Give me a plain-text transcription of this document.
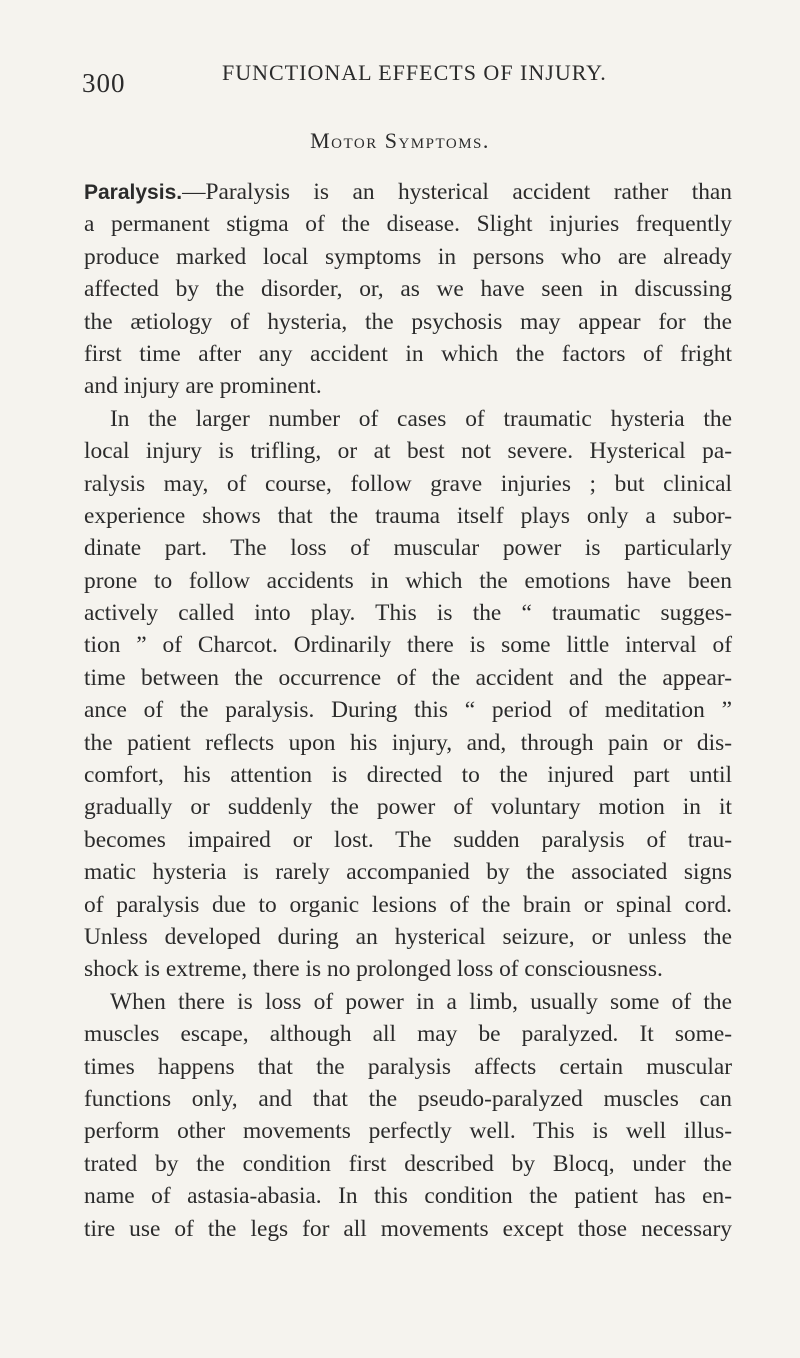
300	FUNCTIONAL EFFECTS OF INJURY.
Motor Symptoms.
Paralysis.—Paralysis is an hysterical accident rather than
a permanent stigma of the disease. Slight injuries frequently
produce marked local symptoms in persons who are already
affected by the disorder, or, as we have seen in discussing
the ætiology of hysteria, the psychosis may appear for the
first time after any accident in which the factors of fright
and injury are prominent.
In the larger number of cases of traumatic hysteria the
local injury is trifling, or at best not severe. Hysterical pa-
ralysis may, of course, follow grave injuries ; but clinical
experience shows that the trauma itself plays only a subor-
dinate part. The loss of muscular power is particularly
prone to follow accidents in which the emotions have been
actively called into play. This is the “ traumatic sugges-
tion ” of Charcot. Ordinarily there is some little interval of
time between the occurrence of the accident and the appear-
ance of the paralysis. During this “ period of meditation ”
the patient reflects upon his injury, and, through pain or dis-
comfort, his attention is directed to the injured part until
gradually or suddenly the power of voluntary motion in it
becomes impaired or lost. The sudden paralysis of trau-
matic hysteria is rarely accompanied by the associated signs
of paralysis due to organic lesions of the brain or spinal cord.
Unless developed during an hysterical seizure, or unless the
shock is extreme, there is no prolonged loss of consciousness.
When there is loss of power in a limb, usually some of the
muscles escape, although all may be paralyzed. It some-
times happens that the paralysis affects certain muscular
functions only, and that the pseudo-paralyzed muscles can
perform other movements perfectly well. This is well illus-
trated by the condition first described by Blocq, under the
name of astasia-abasia. In this condition the patient has en-
tire use of the legs for all movements except those necessary
